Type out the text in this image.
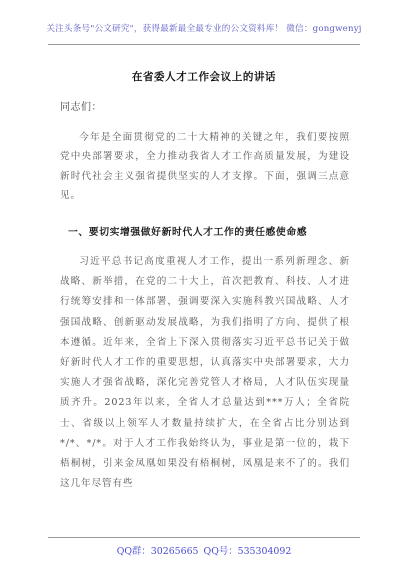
关注头条号"公文研究"，获得最新最全最专业的公文资料库！ 微信：gongwenyj
在省委人才工作会议上的讲话
同志们：

今年是全面贯彻党的二十大精神的关键之年，我们要按照党中央部署要求，全力推动我省人才工作高质量发展，为建设新时代社会主义强省提供坚实的人才支撑。下面，强调三点意见。

一、要切实增强做好新时代人才工作的责任感使命感

习近平总书记高度重视人才工作，提出一系列新理念、新战略、新举措，在党的二十大上，首次把教育、科技、人才进行统筹安排和一体部署，强调要深入实施科教兴国战略、人才强国战略、创新驱动发展战略，为我们指明了方向、提供了根本遵循。近年来，全省上下深入贯彻落实习近平总书记关于做好新时代人才工作的重要思想，认真落实中央部署要求，大力实施人才强省战略，深化完善党管人才格局，人才队伍实现量质齐升。2023年以来，全省人才总量达到***万人；全省院士、省级以上领军人才数量持续扩大，在全省占比分别达到*/*、*/*。对于人才工作我始终认为，事业是第一位的，栽下梧桐树，引来金凤凰如果没有梧桐树，凤凰是来不了的。我们这几年尽管有些

QQ群：30265665 QQ号：535304092
